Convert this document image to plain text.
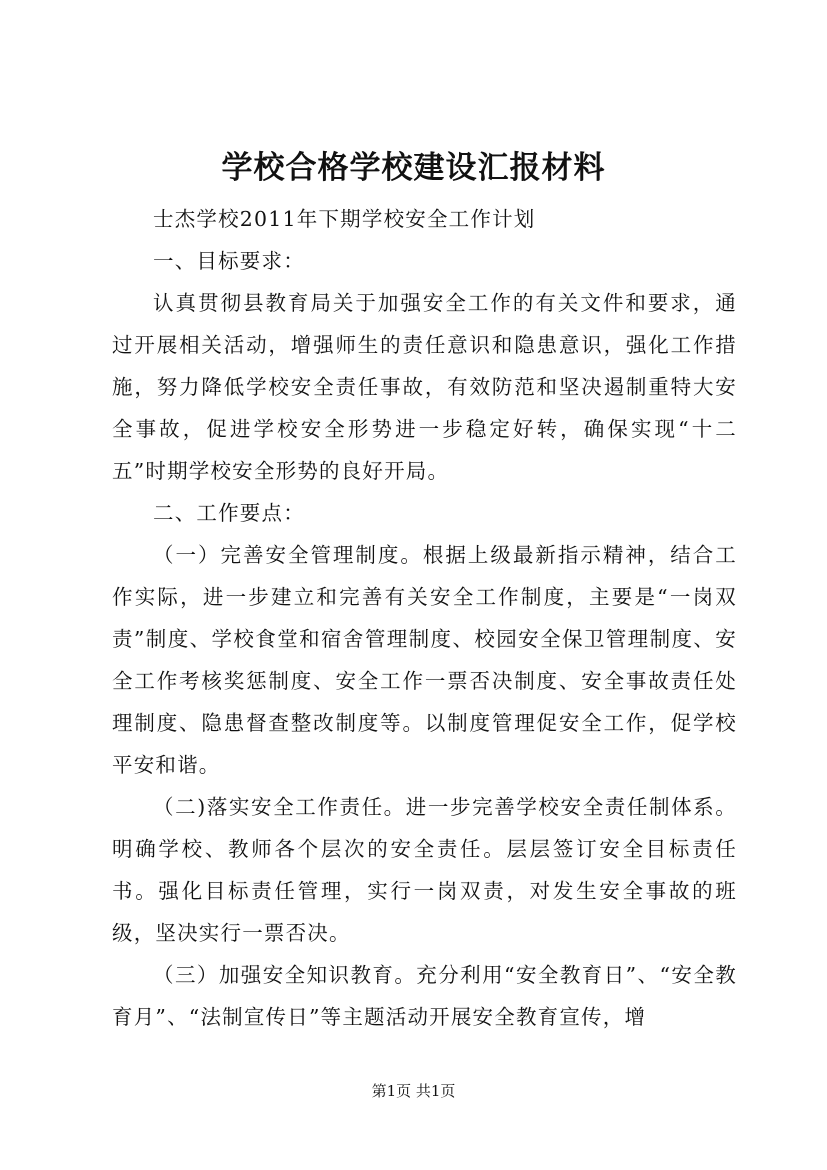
学校合格学校建设汇报材料

士杰学校2011年下期学校安全工作计划

一、目标要求：

认真贯彻县教育局关于加强安全工作的有关文件和要求，通过开展相关活动，增强师生的责任意识和隐患意识，强化工作措施，努力降低学校安全责任事故，有效防范和坚决遏制重特大安全事故，促进学校安全形势进一步稳定好转，确保实现“十二五”时期学校安全形势的良好开局。

二、工作要点：

（一）完善安全管理制度。根据上级最新指示精神，结合工作实际，进一步建立和完善有关安全工作制度，主要是“一岗双责”制度、学校食堂和宿舍管理制度、校园安全保卫管理制度、安全工作考核奖惩制度、安全工作一票否决制度、安全事故责任处理制度、隐患督查整改制度等。以制度管理促安全工作，促学校平安和谐。

（二)落实安全工作责任。进一步完善学校安全责任制体系。明确学校、教师各个层次的安全责任。层层签订安全目标责任书。强化目标责任管理，实行一岗双责，对发生安全事故的班级，坚决实行一票否决。

（三）加强安全知识教育。充分利用“安全教育日”、“安全教育月”、“法制宣传日”等主题活动开展安全教育宣传，增

第1页 共1页
